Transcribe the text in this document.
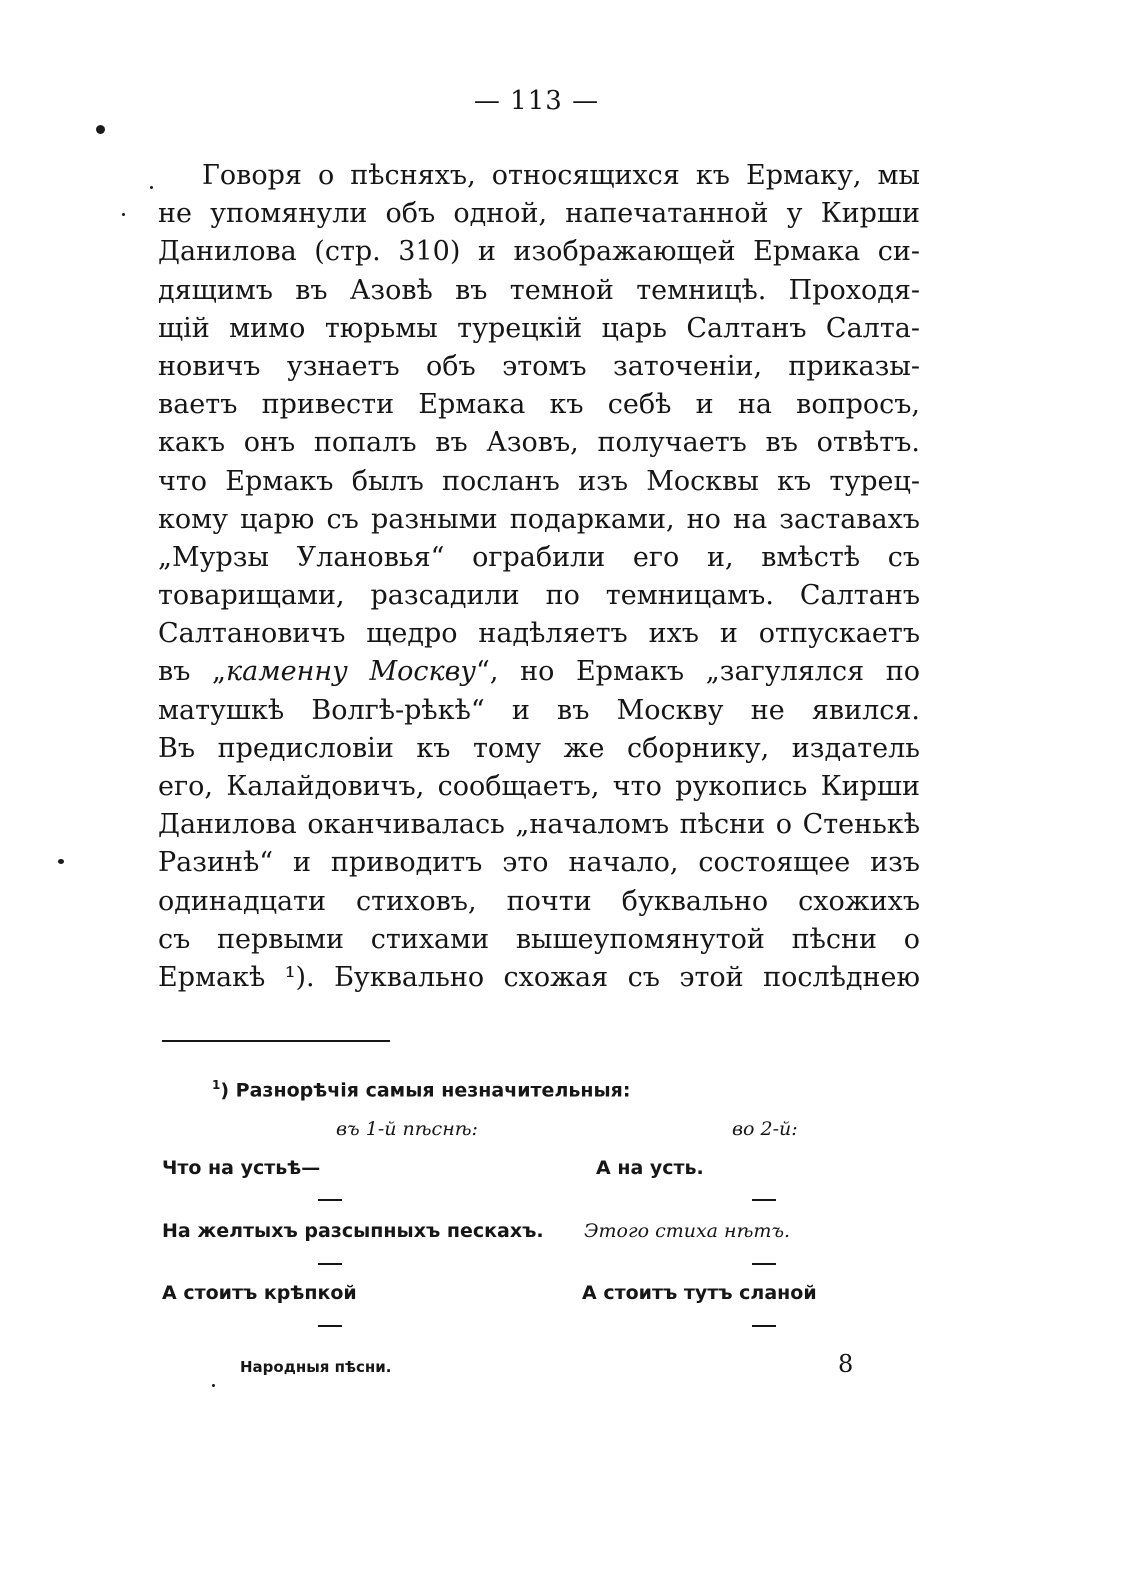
— 113 —
Говоря о пѣсняхъ, относящихся къ Ермаку, мы
не упомянули объ одной, напечатанной у Кирши
Данилова (стр. 310) и изображающей Ермака си-
дящимъ въ Азовѣ въ темной темницѣ. Проходя-
щій мимо тюрьмы турецкій царь Салтанъ Салта-
новичъ узнаетъ объ этомъ заточеніи, приказы-
ваетъ привести Ермака къ себѣ и на вопросъ,
какъ онъ попалъ въ Азовъ, получаетъ въ отвѣтъ.
что Ермакъ былъ посланъ изъ Москвы къ турец-
кому царю съ разными подарками, но на заставахъ
„Мурзы Улановья“ ограбили его и, вмѣстѣ съ
товарищами, разсадили по темницамъ. Салтанъ
Салтановичъ щедро надѣляетъ ихъ и отпускаетъ
въ „каменну Москву“, но Ермакъ „загулялся по
матушкѣ Волгѣ-рѣкѣ“ и въ Москву не явился.
Въ предисловіи къ тому же сборнику, издатель
его, Калайдовичъ, сообщаетъ, что рукопись Кирши
Данилова оканчивалась „началомъ пѣсни о Стенькѣ
Разинѣ“ и приводитъ это начало, состоящее изъ
одинадцати стиховъ, почти буквально схожихъ
съ первыми стихами вышеупомянутой пѣсни о
Ермакѣ ¹). Буквально схожая съ этой послѣднею
$^1$) Разнорѣчія самыя незначительныя:
въ 1-й пѣснѣ:	во 2-й:
Что на устьѣ—	А на усть.
На желтыхъ разсыпныхъ пескахъ. Этого стиха нѣтъ.
А стоитъ крѣпкой	А стоитъ тутъ сланой
Народныя пѣсни.	8
